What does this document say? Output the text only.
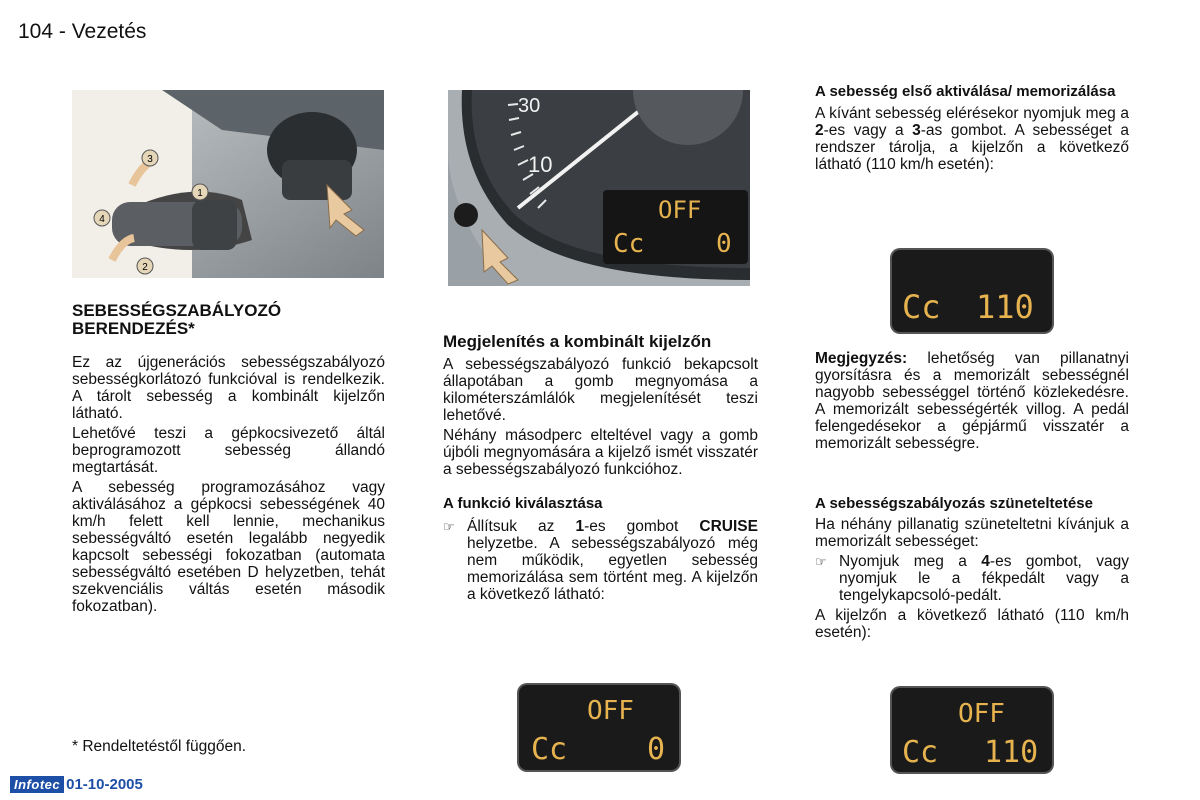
104 - Vezetés
3
1
4
2
30
10
OFF
Cc	0
SEBESSÉGSZABÁLYOZÓ BERENDEZÉS*

Ez az újgenerációs sebességszabályozó sebességkorlátozó funkcióval is rendelkezik. A tárolt sebesség a kombinált kijelzőn látható.

Lehetővé teszi a gépkocsivezető áltál beprogramozott sebesség állandó megtartását.

A sebesség programozásához vagy aktiválásához a gépkocsi sebességének 40 km/h felett kell lennie, mechanikus sebességváltó esetén legalább negyedik kapcsolt sebességi fokozatban (automata sebességváltó esetében D helyzetben, tehát szekvenciális váltás esetén második fokozatban).

* Rendeltetéstől függően.
Megjelenítés a kombinált kijelzőn

A sebességszabályozó funkció bekapcsolt állapotában a gomb megnyomása a kilométerszámlálók megjelenítését teszi lehetővé.

Néhány másodperc elteltével vagy a gomb újbóli megnyomására a kijelző ismét visszatér a sebességszabályozó funkcióhoz.

A funkció kiválasztása
☞ Állítsuk az 1-es gombot CRUISE helyzetbe. A sebességszabályozó még nem működik, egyetlen sebesség memorizálása sem történt meg. A kijelzőn a következő látható:
OFF
Cc	0
A sebesség első aktiválása/ memorizálása

A kívánt sebesség elérésekor nyomjuk meg a 2-es vagy a 3-as gombot. A sebességet a rendszer tárolja, a kijelzőn a következő látható (110 km/h esetén):

Cc 110

Megjegyzés: lehetőség van pillanatnyi gyorsításra és a memorizált sebességnél nagyobb sebességgel történő közlekedésre. A memorizált sebességérték villog. A pedál felengedésekor a gépjármű visszatér a memorizált sebességre.

A sebességszabályozás szüneteltetése

Ha néhány pillanatig szüneteltetni kívánjuk a memorizált sebességet:

☞ Nyomjuk meg a 4-es gombot, vagy nyomjuk le a fékpedált vagy a tengelykapcsoló-pedált.

A kijelzőn a következő látható (110 km/h esetén):

OFF
Cc 110
Infotec 01-10-2005
